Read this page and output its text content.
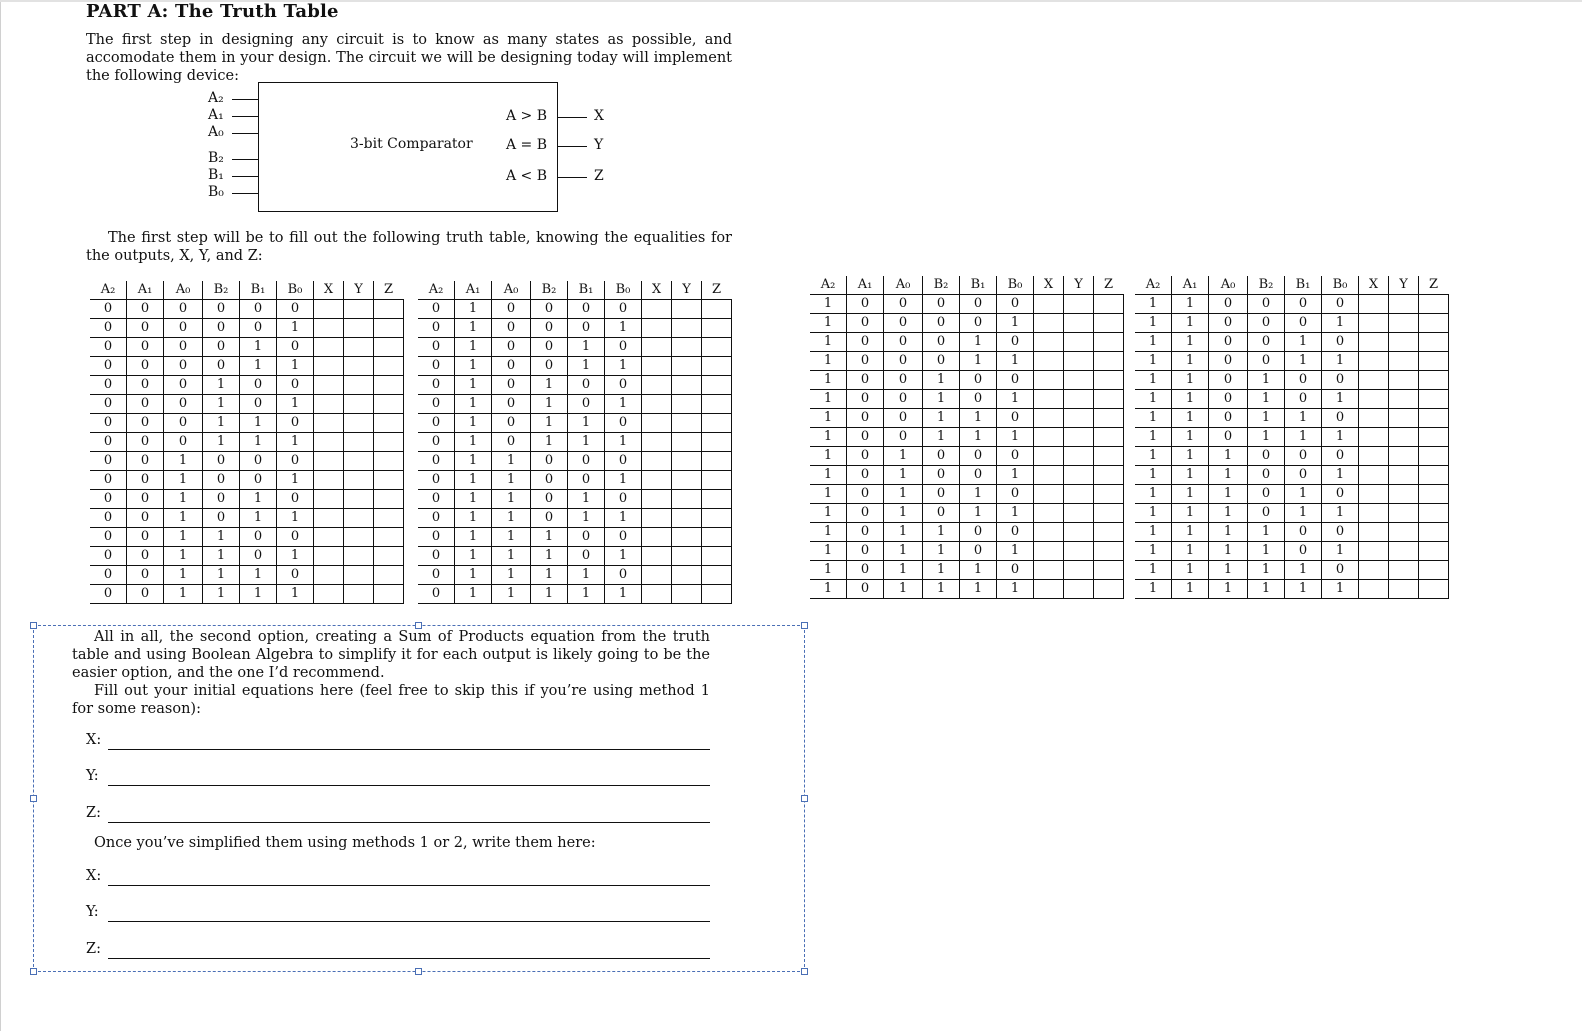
PART A: The Truth Table

The first step in designing any circuit is to know as many states as possible, and accomodate them in your design. The circuit we will be designing today will implement the following device:

A₂
A₁
A₀
B₂
B₁
B₀
3-bit Comparator
A > B	X
A = B	Y
A < B	Z

The first step will be to fill out the following truth table, knowing the equalities for the outputs, X, Y, and Z:

A₂	A₁	A₀	B₂	B₁	B₀	X	Y	Z
0	0	0	0	0	0			
0	0	0	0	0	1			
0	0	0	0	1	0			
0	0	0	0	1	1			
0	0	0	1	0	0			
0	0	0	1	0	1			
0	0	0	1	1	0			
0	0	0	1	1	1			
0	0	1	0	0	0			
0	0	1	0	0	1			
0	0	1	0	1	0			
0	0	1	0	1	1			
0	0	1	1	0	0			
0	0	1	1	0	1			
0	0	1	1	1	0			
0	0	1	1	1	1			
A₂	A₁	A₀	B₂	B₁	B₀	X	Y	Z
0	1	0	0	0	0			
0	1	0	0	0	1			
0	1	0	0	1	0			
0	1	0	0	1	1			
0	1	0	1	0	0			
0	1	0	1	0	1			
0	1	0	1	1	0			
0	1	0	1	1	1			
0	1	1	0	0	0			
0	1	1	0	0	1			
0	1	1	0	1	0			
0	1	1	0	1	1			
0	1	1	1	0	0			
0	1	1	1	0	1			
0	1	1	1	1	0			
0	1	1	1	1	1			
A₂	A₁	A₀	B₂	B₁	B₀	X	Y	Z
1	0	0	0	0	0			
1	0	0	0	0	1			
1	0	0	0	1	0			
1	0	0	0	1	1			
1	0	0	1	0	0			
1	0	0	1	0	1			
1	0	0	1	1	0			
1	0	0	1	1	1			
1	0	1	0	0	0			
1	0	1	0	0	1			
1	0	1	0	1	0			
1	0	1	0	1	1			
1	0	1	1	0	0			
1	0	1	1	0	1			
1	0	1	1	1	0			
1	0	1	1	1	1			
A₂	A₁	A₀	B₂	B₁	B₀	X	Y	Z
1	1	0	0	0	0			
1	1	0	0	0	1			
1	1	0	0	1	0			
1	1	0	0	1	1			
1	1	0	1	0	0			
1	1	0	1	0	1			
1	1	0	1	1	0			
1	1	0	1	1	1			
1	1	1	0	0	0			
1	1	1	0	0	1			
1	1	1	0	1	0			
1	1	1	0	1	1			
1	1	1	1	0	0			
1	1	1	1	0	1			
1	1	1	1	1	0			
1	1	1	1	1	1			

All in all, the second option, creating a Sum of Products equation from the truth table and using Boolean Algebra to simplify it for each output is likely going to be the easier option, and the one I’d recommend.

Fill out your initial equations here (feel free to skip this if you’re using method 1 for some reason):

X:
Y:
Z:

Once you’ve simplified them using methods 1 or 2, write them here:

X:
Y:
Z:
